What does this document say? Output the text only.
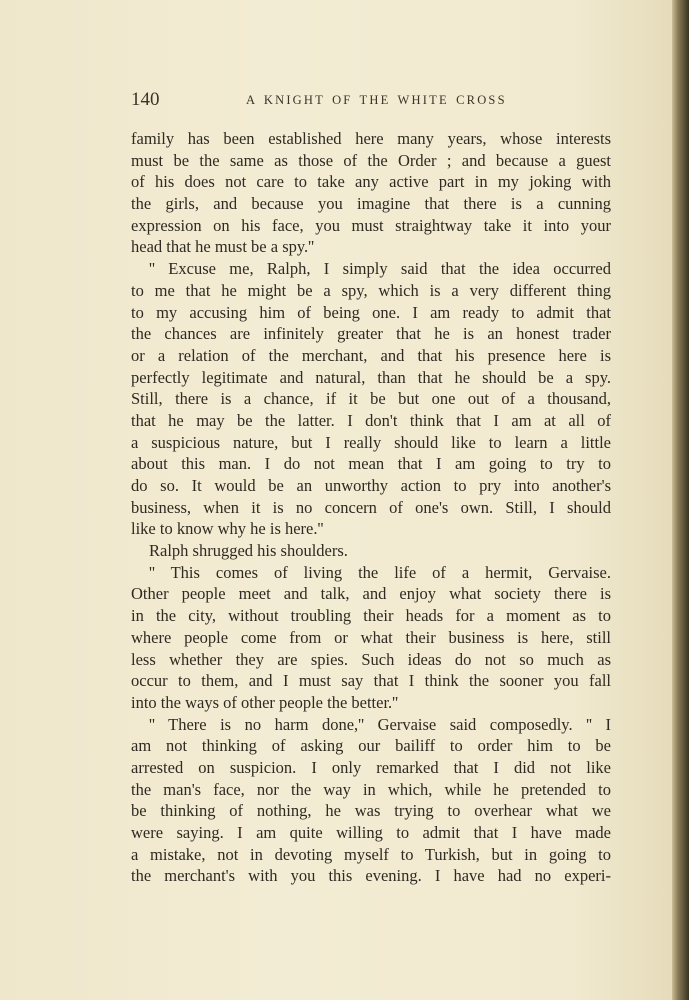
140	A KNIGHT OF THE WHITE CROSS
family has been established here many years, whose interests
must be the same as those of the Order ; and because a guest
of his does not care to take any active part in my joking with
the girls, and because you imagine that there is a cunning
expression on his face, you must straightway take it into your
head that he must be a spy.''
'' Excuse me, Ralph, I simply said that the idea occurred
to me that he might be a spy, which is a very different thing
to my accusing him of being one. I am ready to admit that
the chances are infinitely greater that he is an honest trader
or a relation of the merchant, and that his presence here is
perfectly legitimate and natural, than that he should be a spy.
Still, there is a chance, if it be but one out of a thousand,
that he may be the latter. I don't think that I am at all of
a suspicious nature, but I really should like to learn a little
about this man. I do not mean that I am going to try to
do so. It would be an unworthy action to pry into another's
business, when it is no concern of one's own. Still, I should
like to know why he is here.''
Ralph shrugged his shoulders.
'' This comes of living the life of a hermit, Gervaise.
Other people meet and talk, and enjoy what society there is
in the city, without troubling their heads for a moment as to
where people come from or what their business is here, still
less whether they are spies. Such ideas do not so much as
occur to them, and I must say that I think the sooner you fall
into the ways of other people the better.''
'' There is no harm done,'' Gervaise said composedly. '' I
am not thinking of asking our bailiff to order him to be
arrested on suspicion. I only remarked that I did not like
the man's face, nor the way in which, while he pretended to
be thinking of nothing, he was trying to overhear what we
were saying. I am quite willing to admit that I have made
a mistake, not in devoting myself to Turkish, but in going to
the merchant's with you this evening. I have had no experi-
